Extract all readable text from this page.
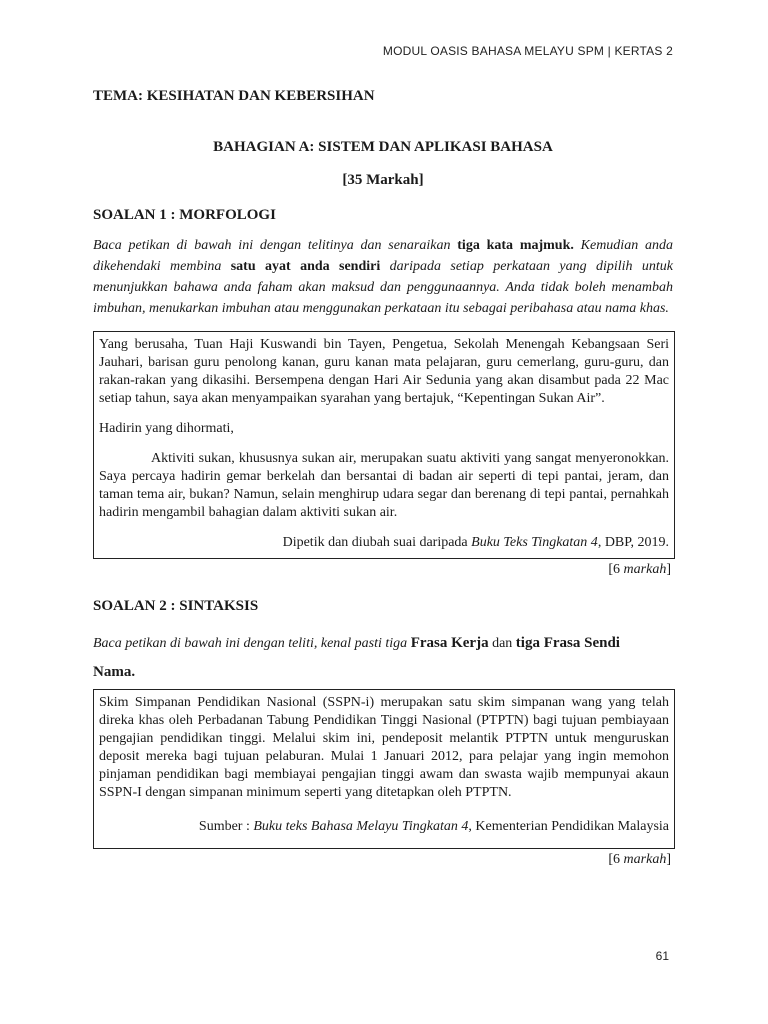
MODUL OASIS BAHASA MELAYU SPM | KERTAS 2

TEMA: KESIHATAN DAN KEBERSIHAN

BAHAGIAN A: SISTEM DAN APLIKASI BAHASA

[35 Markah]

SOALAN 1 : MORFOLOGI

Baca petikan di bawah ini dengan telitinya dan senaraikan tiga kata majmuk. Kemudian anda dikehendaki membina satu ayat anda sendiri daripada setiap perkataan yang dipilih untuk menunjukkan bahawa anda faham akan maksud dan penggunaannya. Anda tidak boleh menambah imbuhan, menukarkan imbuhan atau menggunakan perkataan itu sebagai peribahasa atau nama khas.

Yang berusaha, Tuan Haji Kuswandi bin Tayen, Pengetua, Sekolah Menengah Kebangsaan Seri Jauhari, barisan guru penolong kanan, guru kanan mata pelajaran, guru cemerlang, guru-guru, dan rakan-rakan yang dikasihi. Bersempena dengan Hari Air Sedunia yang akan disambut pada 22 Mac setiap tahun, saya akan menyampaikan syarahan yang bertajuk, “Kepentingan Sukan Air”.

Hadirin yang dihormati,

Aktiviti sukan, khususnya sukan air, merupakan suatu aktiviti yang sangat menyeronokkan. Saya percaya hadirin gemar berkelah dan bersantai di badan air seperti di tepi pantai, jeram, dan taman tema air, bukan? Namun, selain menghirup udara segar dan berenang di tepi pantai, pernahkah hadirin mengambil bahagian dalam aktiviti sukan air.

Dipetik dan diubah suai daripada Buku Teks Tingkatan 4, DBP, 2019.

[6 markah]

SOALAN 2 : SINTAKSIS

Baca petikan di bawah ini dengan teliti, kenal pasti tiga Frasa Kerja dan tiga Frasa Sendi
Nama.

Skim Simpanan Pendidikan Nasional (SSPN-i) merupakan satu skim simpanan wang yang telah direka khas oleh Perbadanan Tabung Pendidikan Tinggi Nasional (PTPTN) bagi tujuan pembiayaan pengajian pendidikan tinggi. Melalui skim ini, pendeposit melantik PTPTN untuk menguruskan deposit mereka bagi tujuan pelaburan. Mulai 1 Januari 2012, para pelajar yang ingin memohon pinjaman pendidikan bagi membiayai pengajian tinggi awam dan swasta wajib mempunyai akaun SSPN-I dengan simpanan minimum seperti yang ditetapkan oleh PTPTN.

Sumber : Buku teks Bahasa Melayu Tingkatan 4, Kementerian Pendidikan Malaysia

[6 markah]

61
